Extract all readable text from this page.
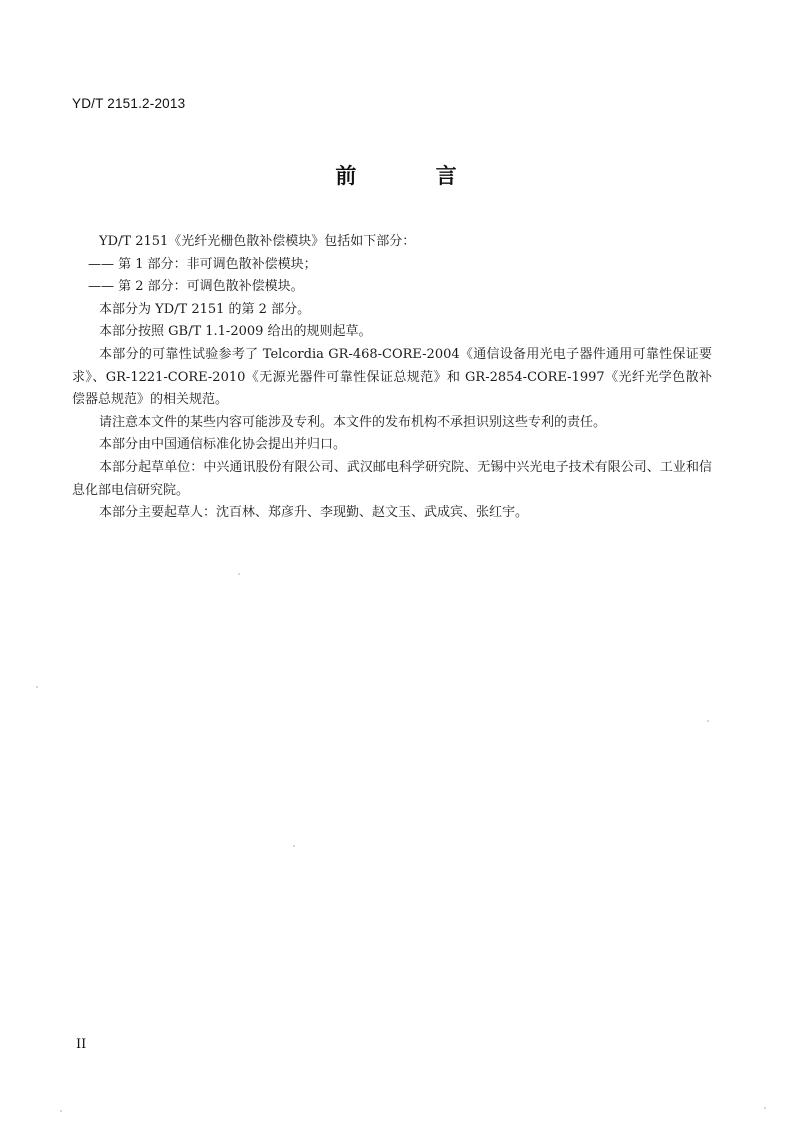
YD/T 2151.2-2013
前 言

YD/T 2151《光纤光栅色散补偿模块》包括如下部分：

—— 第 1 部分：非可调色散补偿模块；

—— 第 2 部分：可调色散补偿模块。

本部分为 YD/T 2151 的第 2 部分。

本部分按照 GB/T 1.1-2009 给出的规则起草。

本部分的可靠性试验参考了 Telcordia GR-468-CORE-2004《通信设备用光电子器件通用可靠性保证要求》、GR-1221-CORE-2010《无源光器件可靠性保证总规范》和 GR-2854-CORE-1997《光纤光学色散补偿器总规范》的相关规范。

请注意本文件的某些内容可能涉及专利。本文件的发布机构不承担识别这些专利的责任。

本部分由中国通信标准化协会提出并归口。

本部分起草单位：中兴通讯股份有限公司、武汉邮电科学研究院、无锡中兴光电子技术有限公司、工业和信息化部电信研究院。

本部分主要起草人：沈百林、郑彦升、李现勤、赵文玉、武成宾、张红宇。

II
